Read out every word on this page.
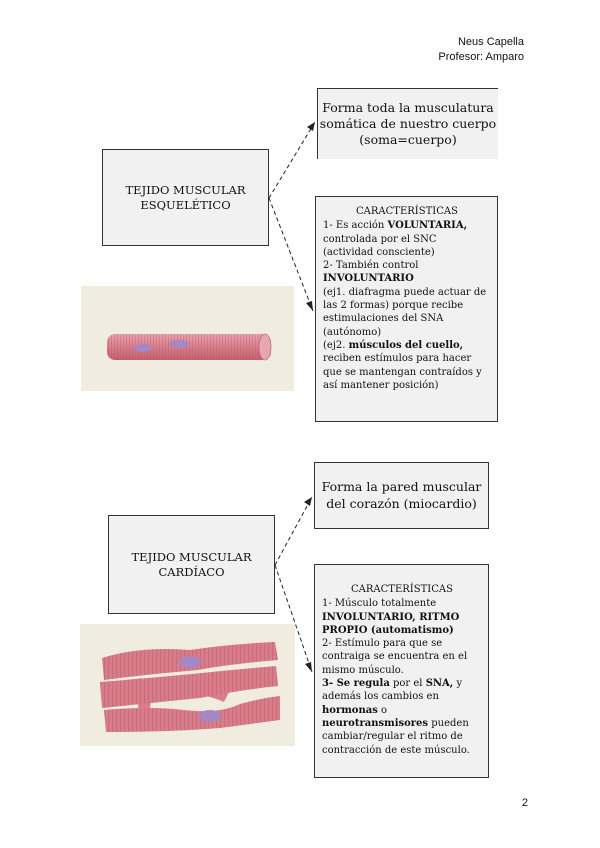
Neus Capella
Profesor: Amparo
TEJIDO MUSCULAR
ESQUELÉTICO
Forma toda la musculatura
somática de nuestro cuerpo
(soma=cuerpo)
CARACTERÍSTICAS

1- Es acción VOLUNTARIA,

controlada por el SNC

(actividad consciente)

2- También control

INVOLUNTARIO

(ej1. diafragma puede actuar de

las 2 formas) porque recibe

estimulaciones del SNA

(autónomo)

(ej2. músculos del cuello,

reciben estímulos para hacer

que se mantengan contraídos y

así mantener posición)

TEJIDO MUSCULAR
CARDÍACO
Forma la pared muscular
del corazón (miocardio)
CARACTERÍSTICAS

1- Músculo totalmente

INVOLUNTARIO, RITMO

PROPIO (automatismo)

2- Estímulo para que se

contraiga se encuentra en el

mismo músculo.

3- Se regula por el SNA, y

además los cambios en

hormonas o

neurotransmisores pueden

cambiar/regular el ritmo de

contracción de este músculo.

2
